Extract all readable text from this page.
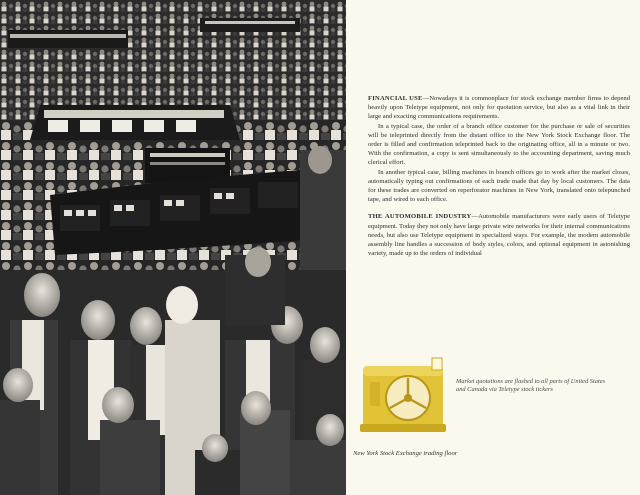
FINANCIAL USE—Nowadays it is commonplace for stock exchange member firms to depend heavily upon Teletype equipment, not only for quotation service, but also as a vital link in their large and exacting communications requirements.

In a typical case, the order of a branch office customer for the purchase or sale of securities will be teleprinted directly from the distant office to the New York Stock Exchange floor. The order is filled and confirmation teleprinted back to the originating office, all in a minute or two. With the confirmation, a copy is sent simultaneously to the accounting department, saving much clerical effort.

In another typical case, billing machines in branch offices go to work after the market closes, automatically typing out confirmations of each trade made that day by local customers. The data for these trades are converted on reperforator machines in New York, translated onto telepunched tape, and wired to each office.

THE AUTOMOBILE INDUSTRY—Automobile manufacturers were early users of Teletype equipment. Today they not only have large private wire networks for their internal communications needs, but also use Teletype equipment in specialized ways. For example, the modern automobile assembly line handles a succession of body styles, colors, and optional equipment in astonishing variety, made up to the orders of individual

Market quotations are flashed to all parts of United States and Canada via Teletype stock tickers
New York Stock Exchange trading floor
